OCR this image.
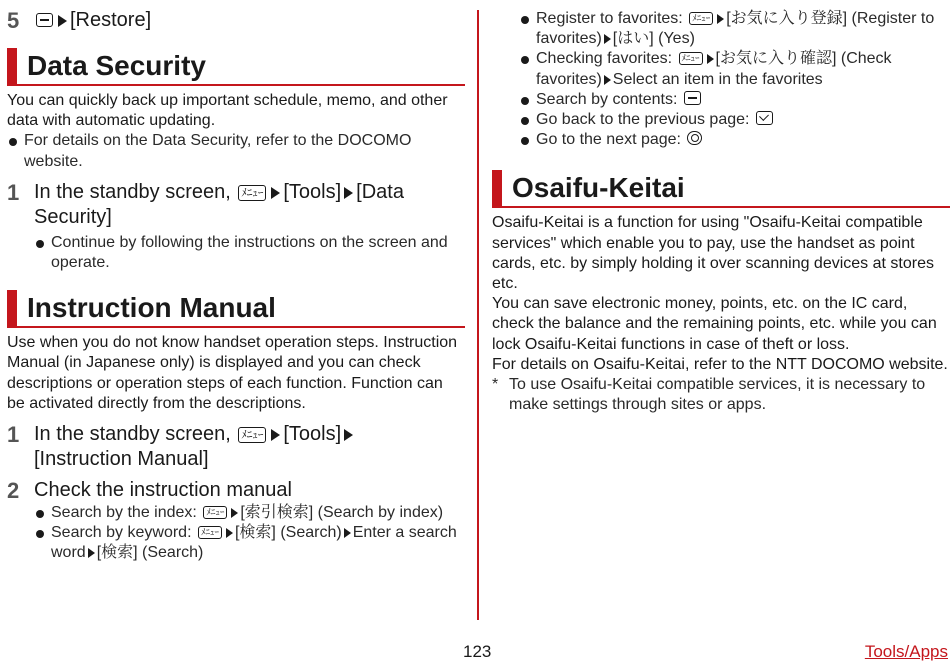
5	[Restore]
Data Security
You can quickly back up important schedule, memo, and other data with automatic updating.
For details on the Data Security, refer to the DOCOMO website.
1 In the standby screen, ﾒﾆｭｰ [Tools] [Data Security]
Continue by following the instructions on the screen and operate.
Instruction Manual
Use when you do not know handset operation steps. Instruction Manual (in Japanese only) is displayed and you can check descriptions or operation steps of each function. Function can be activated directly from the descriptions.
1 In the standby screen, ﾒﾆｭｰ [Tools]
[Instruction Manual]
2 Check the instruction manual
Search by the index: ﾒﾆｭｰ [索引検索] (Search by index)
Search by keyword: ﾒﾆｭｰ [検索] (Search) Enter a search word [検索] (Search)
Register to favorites: ﾒﾆｭｰ [お気に入り登録] (Register to favorites) [はい] (Yes)
Checking favorites: ﾒﾆｭｰ [お気に入り確認] (Check favorites) Select an item in the favorites
Search by contents:
Go back to the previous page:
Go to the next page:
Osaifu-Keitai
Osaifu-Keitai is a function for using "Osaifu-Keitai compatible services" which enable you to pay, use the handset as point cards, etc. by simply holding it over scanning devices at stores etc.
You can save electronic money, points, etc. on the IC card, check the balance and the remaining points, etc. while you can lock Osaifu-Keitai functions in case of theft or loss.
For details on Osaifu-Keitai, refer to the NTT DOCOMO website.
* To use Osaifu-Keitai compatible services, it is necessary to make settings through sites or apps.
123	Tools/Apps
